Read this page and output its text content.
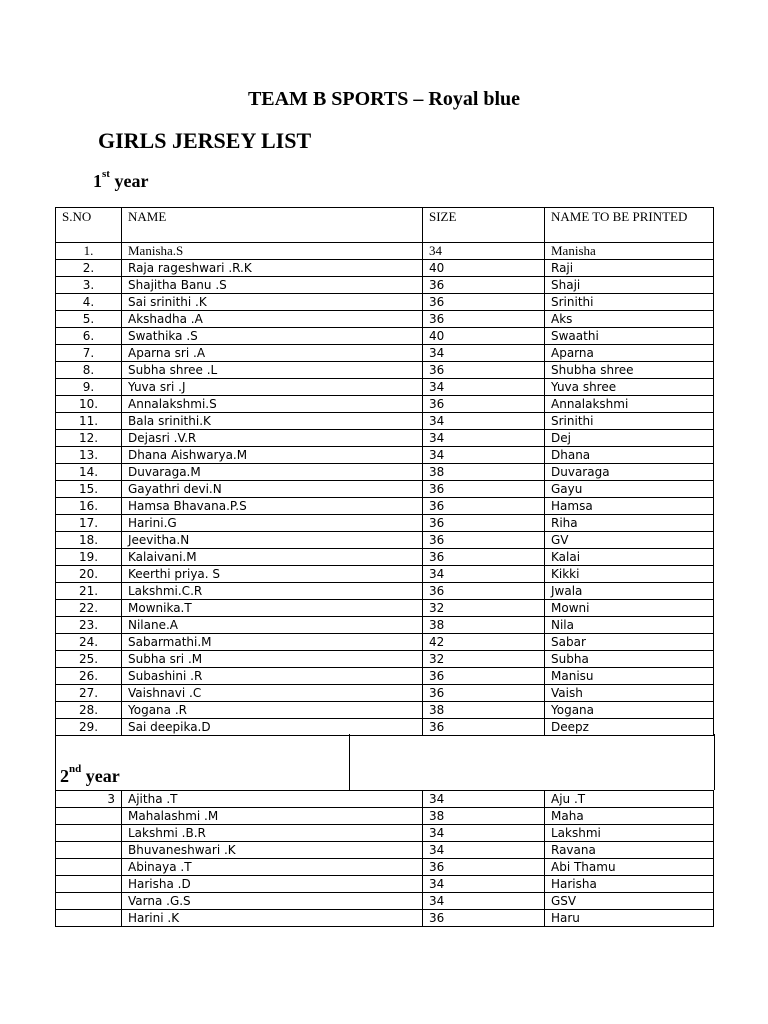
TEAM B SPORTS – Royal blue
GIRLS JERSEY LIST
1st year
S.NO	NAME	SIZE	NAME TO BE PRINTED
1.	Manisha.S	34	Manisha
2.	Raja rageshwari .R.K	40	Raji
3.	Shajitha Banu .S	36	Shaji
4.	Sai srinithi .K	36	Srinithi
5.	Akshadha .A	36	Aks
6.	Swathika .S	40	Swaathi
7.	Aparna sri .A	34	Aparna
8.	Subha shree .L	36	Shubha shree
9.	Yuva sri .J	34	Yuva shree
10.	Annalakshmi.S	36	Annalakshmi
11.	Bala srinithi.K	34	Srinithi
12.	Dejasri .V.R	34	Dej
13.	Dhana Aishwarya.M	34	Dhana
14.	Duvaraga.M	38	Duvaraga
15.	Gayathri devi.N	36	Gayu
16.	Hamsa Bhavana.P.S	36	Hamsa
17.	Harini.G	36	Riha
18.	Jeevitha.N	36	GV
19.	Kalaivani.M	36	Kalai
20.	Keerthi priya. S	34	Kikki
21.	Lakshmi.C.R	36	Jwala
22.	Mownika.T	32	Mowni
23.	Nilane.A	38	Nila
24.	Sabarmathi.M	42	Sabar
25.	Subha sri .M	32	Subha
26.	Subashini .R	36	Manisu
27.	Vaishnavi .C	36	Vaish
28.	Yogana .R	38	Yogana
29.	Sai deepika.D	36	Deepz
2nd year
3	Ajitha .T	34	Aju .T
	Mahalashmi .M	38	Maha
	Lakshmi .B.R	34	Lakshmi
	Bhuvaneshwari .K	34	Ravana
	Abinaya .T	36	Abi Thamu
	Harisha .D	34	Harisha
	Varna .G.S	34	GSV
	Harini .K	36	Haru
